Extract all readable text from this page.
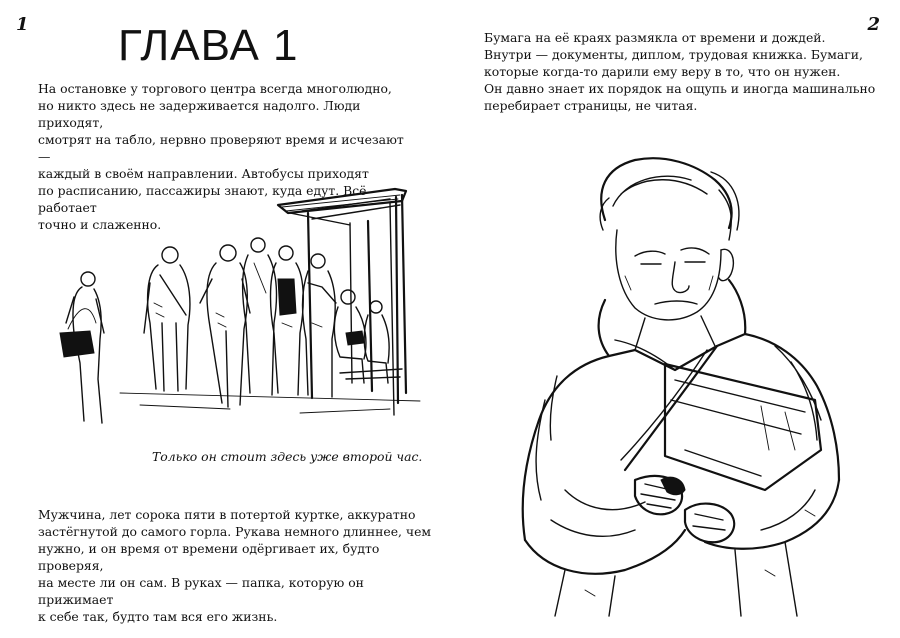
1	2
ГЛАВА 1

На остановке у торгового центра всегда многолюдно,
но никто здесь не задерживается надолго. Люди приходят,
смотрят на табло, нервно проверяют время и исчезают —
каждый в своём направлении. Автобусы приходят
по расписанию, пассажиры знают, куда едут. Всё работает
точно и слаженно.

Только он стоит здесь уже второй час.

Мужчина, лет сорока пяти в потертой куртке, аккуратно
застёгнутой до самого горла. Рукава немного длиннее, чем
нужно, и он время от времени одёргивает их, будто проверяя,
на месте ли он сам. В руках — папка, которую он прижимает
к себе так, будто там вся его жизнь.

Бумага на её краях размякла от времени и дождей.
Внутри — документы, диплом, трудовая книжка. Бумаги,
которые когда-то дарили ему веру в то, что он нужен.
Он давно знает их порядок на ощупь и иногда машинально
перебирает страницы, не читая.
